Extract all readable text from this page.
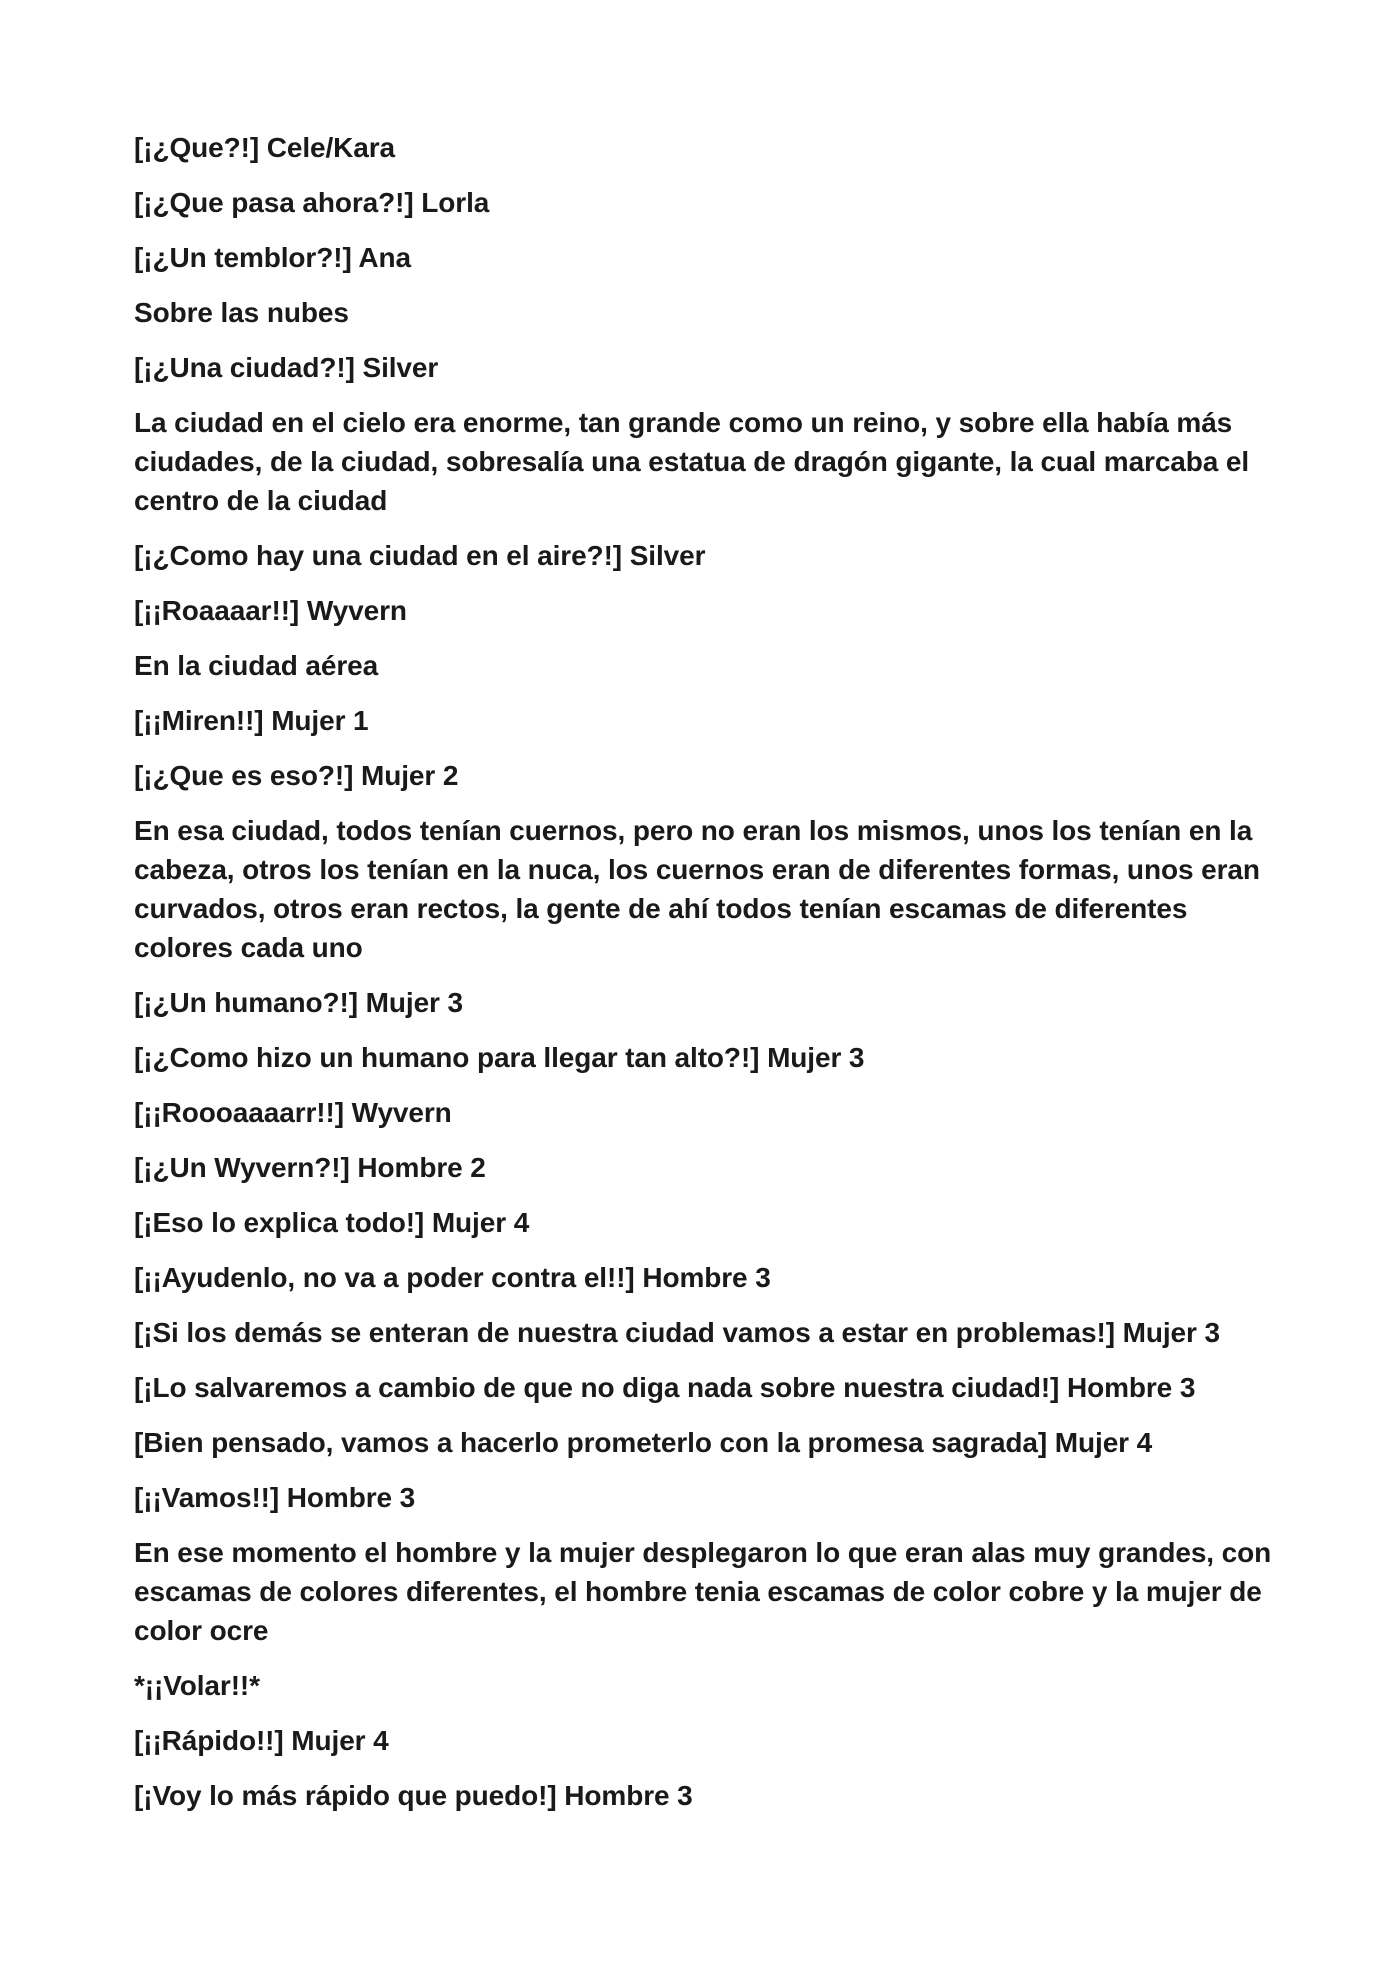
[¡¿Que?!] Cele/Kara

[¡¿Que pasa ahora?!] Lorla

[¡¿Un temblor?!] Ana

Sobre las nubes

[¡¿Una ciudad?!] Silver

La ciudad en el cielo era enorme, tan grande como un reino, y sobre ella había más ciudades, de la ciudad, sobresalía una estatua de dragón gigante, la cual marcaba el centro de la ciudad

[¡¿Como hay una ciudad en el aire?!] Silver

[¡¡Roaaaar!!] Wyvern

En la ciudad aérea

[¡¡Miren!!] Mujer 1

[¡¿Que es eso?!] Mujer 2

En esa ciudad, todos tenían cuernos, pero no eran los mismos, unos los tenían en la cabeza, otros los tenían en la nuca, los cuernos eran de diferentes formas, unos eran curvados, otros eran rectos, la gente de ahí todos tenían escamas de diferentes colores cada uno

[¡¿Un humano?!] Mujer 3

[¡¿Como hizo un humano para llegar tan alto?!] Mujer 3

[¡¡Roooaaaarr!!] Wyvern

[¡¿Un Wyvern?!] Hombre 2

[¡Eso lo explica todo!] Mujer 4

[¡¡Ayudenlo, no va a poder contra el!!] Hombre 3

[¡Si los demás se enteran de nuestra ciudad vamos a estar en problemas!] Mujer 3

[¡Lo salvaremos a cambio de que no diga nada sobre nuestra ciudad!] Hombre 3

[Bien pensado, vamos a hacerlo prometerlo con la promesa sagrada] Mujer 4

[¡¡Vamos!!] Hombre 3

En ese momento el hombre y la mujer desplegaron lo que eran alas muy grandes, con escamas de colores diferentes, el hombre tenia escamas de color cobre y la mujer de color ocre

*¡¡Volar!!*

[¡¡Rápido!!] Mujer 4

[¡Voy lo más rápido que puedo!] Hombre 3
